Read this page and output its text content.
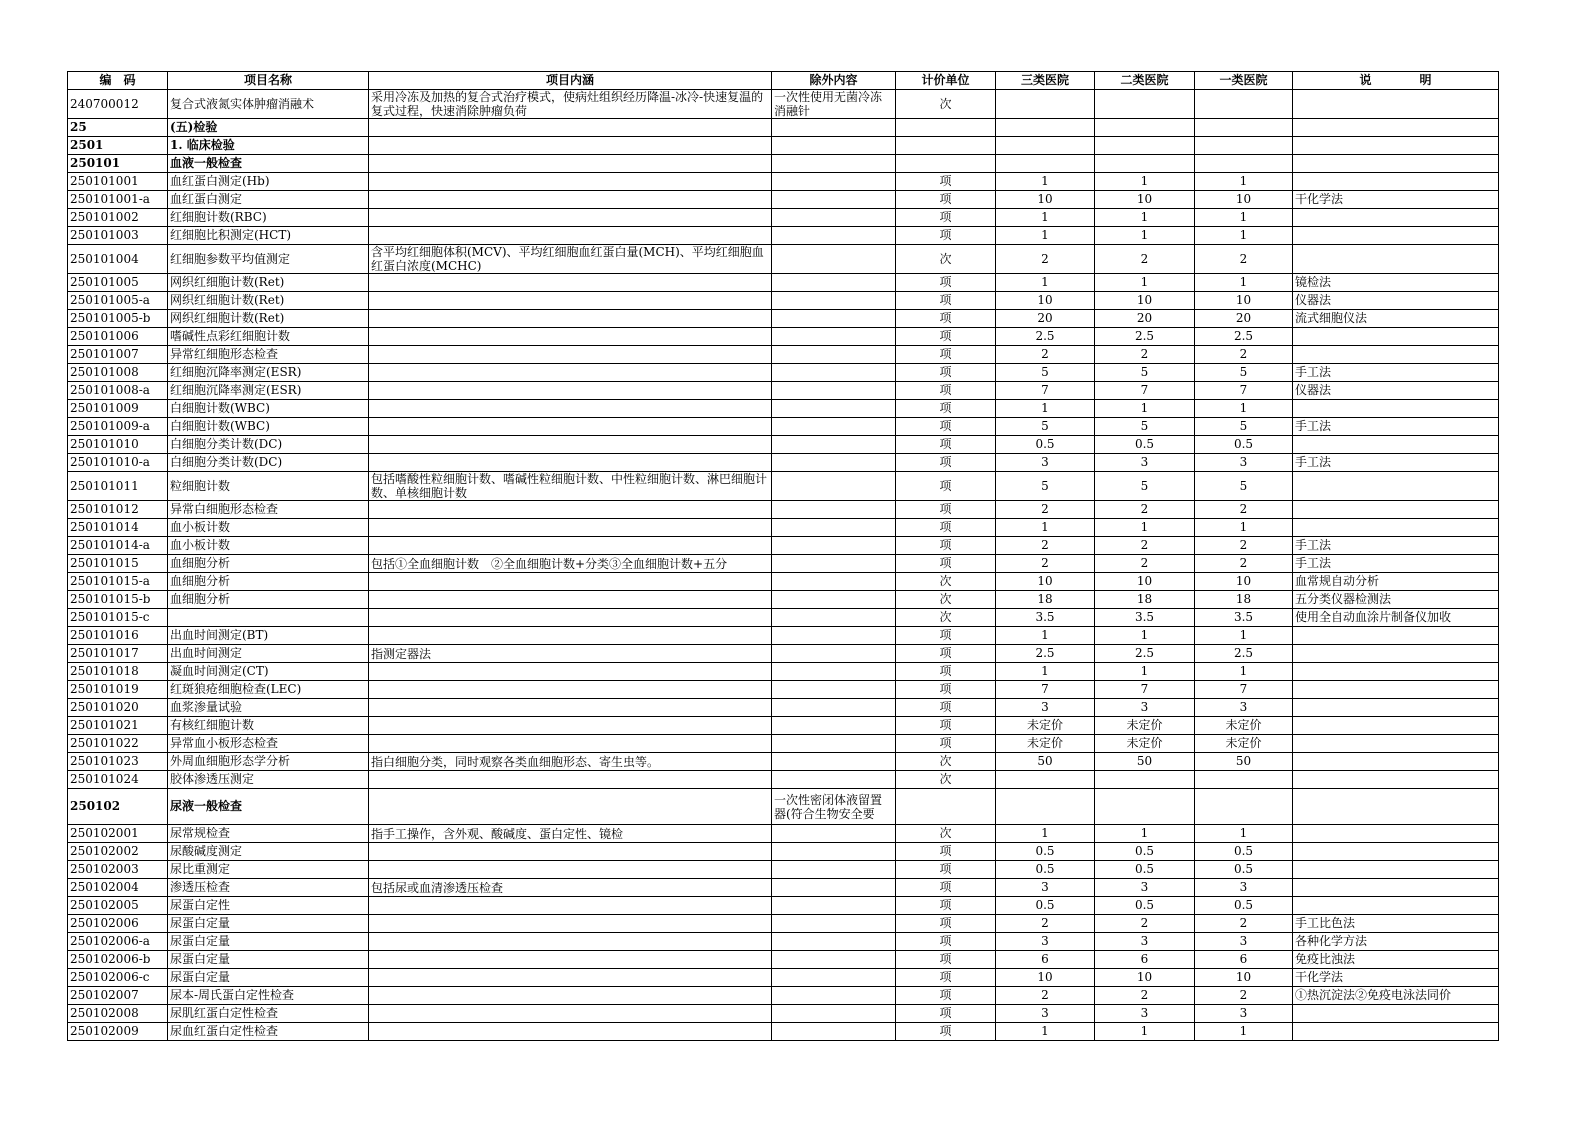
编　码	项目名称	项目内涵	除外内容	计价单位	三类医院	二类医院	一类医院	说　　　　明
240700012	复合式液氮实体肿瘤消融术	采用冷冻及加热的复合式治疗模式，使病灶组织经历降温-冰冷-快速复温的复式过程，快速消除肿瘤负荷	一次性使用无菌冷冻消融针	次				
25	(五)检验							
2501	1. 临床检验							
250101	血液一般检查							
250101001	血红蛋白测定(Hb)			项	1	1	1	
250101001-a	血红蛋白测定			项	10	10	10	干化学法
250101002	红细胞计数(RBC)			项	1	1	1	
250101003	红细胞比积测定(HCT)			项	1	1	1	
250101004	红细胞参数平均值测定	含平均红细胞体积(MCV)、平均红细胞血红蛋白量(MCH)、平均红细胞血红蛋白浓度(MCHC)		次	2	2	2	
250101005	网织红细胞计数(Ret)			项	1	1	1	镜检法
250101005-a	网织红细胞计数(Ret)			项	10	10	10	仪器法
250101005-b	网织红细胞计数(Ret)			项	20	20	20	流式细胞仪法
250101006	嗜碱性点彩红细胞计数			项	2.5	2.5	2.5	
250101007	异常红细胞形态检查			项	2	2	2	
250101008	红细胞沉降率测定(ESR)			项	5	5	5	手工法
250101008-a	红细胞沉降率测定(ESR)			项	7	7	7	仪器法
250101009	白细胞计数(WBC)			项	1	1	1	
250101009-a	白细胞计数(WBC)			项	5	5	5	手工法
250101010	白细胞分类计数(DC)			项	0.5	0.5	0.5	
250101010-a	白细胞分类计数(DC)			项	3	3	3	手工法
250101011	粒细胞计数	包括嗜酸性粒细胞计数、嗜碱性粒细胞计数、中性粒细胞计数、淋巴细胞计数、单核细胞计数		项	5	5	5	
250101012	异常白细胞形态检查			项	2	2	2	
250101014	血小板计数			项	1	1	1	
250101014-a	血小板计数			项	2	2	2	手工法
250101015	血细胞分析	包括①全血细胞计数　②全血细胞计数+分类③全血细胞计数+五分		项	2	2	2	手工法
250101015-a	血细胞分析			次	10	10	10	血常规自动分析
250101015-b	血细胞分析			次	18	18	18	五分类仪器检测法
250101015-c				次	3.5	3.5	3.5	使用全自动血涂片制备仪加收
250101016	出血时间测定(BT)			项	1	1	1	
250101017	出血时间测定	指测定器法		项	2.5	2.5	2.5	
250101018	凝血时间测定(CT)			项	1	1	1	
250101019	红斑狼疮细胞检查(LEC)			项	7	7	7	
250101020	血浆渗量试验			项	3	3	3	
250101021	有核红细胞计数			项	未定价	未定价	未定价	
250101022	异常血小板形态检查			项	未定价	未定价	未定价	
250101023	外周血细胞形态学分析	指白细胞分类，同时观察各类血细胞形态、寄生虫等。		次	50	50	50	
250101024	胶体渗透压测定			次				
250102	尿液一般检查		一次性密闭体液留置器(符合生物安全要					
250102001	尿常规检查	指手工操作，含外观、酸碱度、蛋白定性、镜检		次	1	1	1	
250102002	尿酸碱度测定			项	0.5	0.5	0.5	
250102003	尿比重测定			项	0.5	0.5	0.5	
250102004	渗透压检查	包括尿或血清渗透压检查		项	3	3	3	
250102005	尿蛋白定性			项	0.5	0.5	0.5	
250102006	尿蛋白定量			项	2	2	2	手工比色法
250102006-a	尿蛋白定量			项	3	3	3	各种化学方法
250102006-b	尿蛋白定量			项	6	6	6	免疫比浊法
250102006-c	尿蛋白定量			项	10	10	10	干化学法
250102007	尿本-周氏蛋白定性检查			项	2	2	2	①热沉淀法②免疫电泳法同价
250102008	尿肌红蛋白定性检查			项	3	3	3	
250102009	尿血红蛋白定性检查			项	1	1	1	
